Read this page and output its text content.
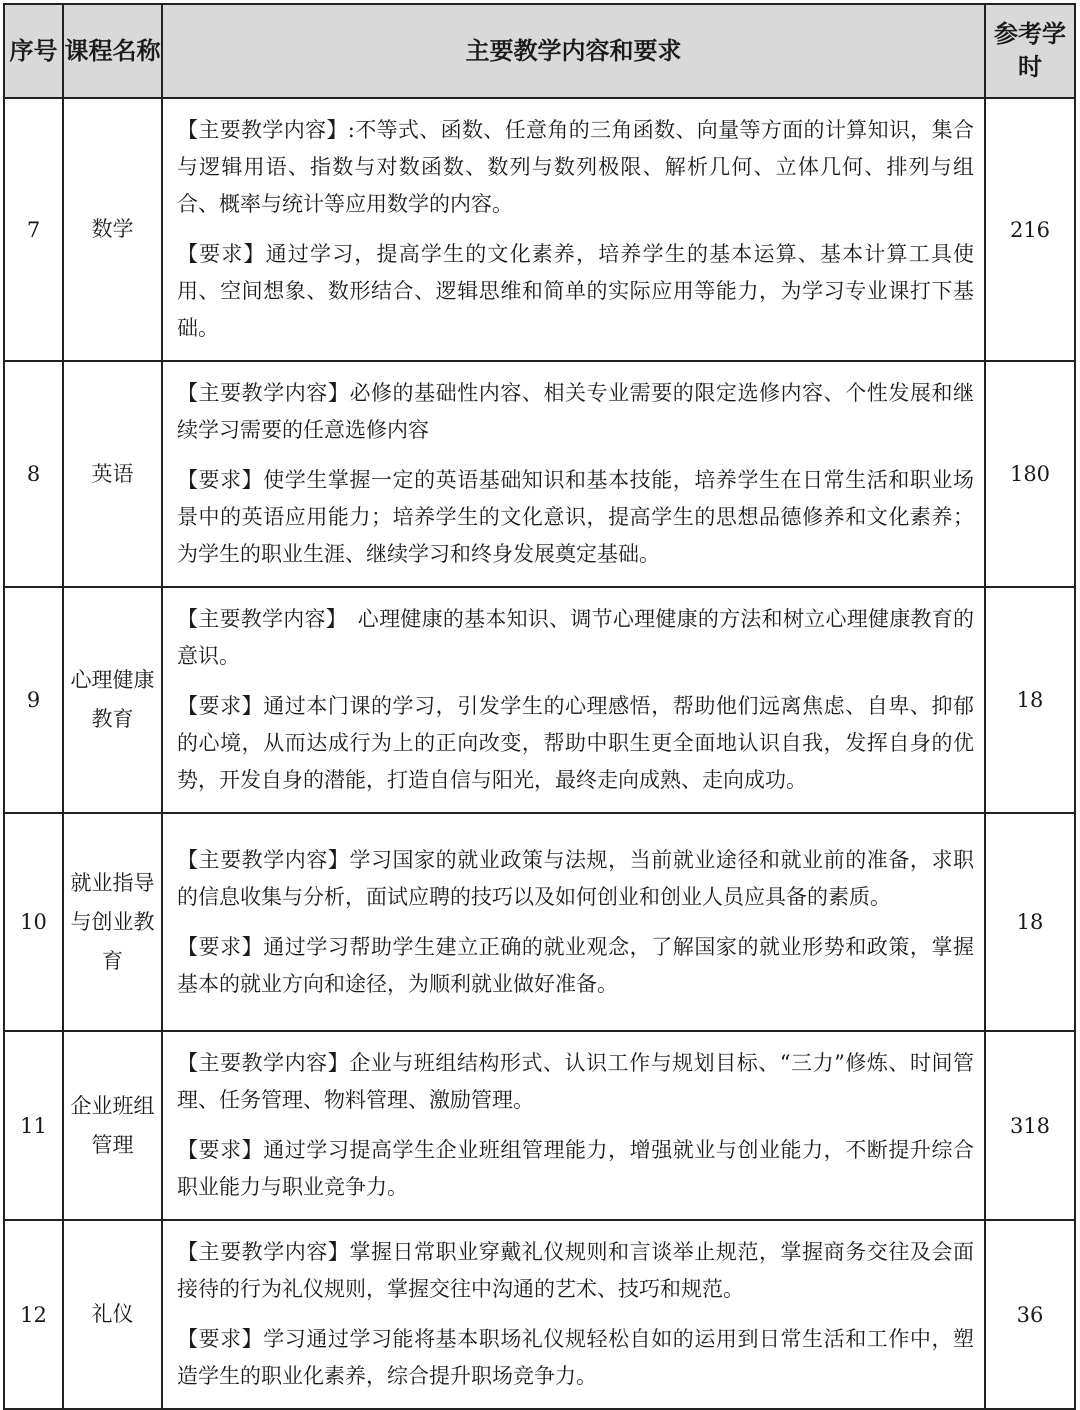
序号	课程名称	主要教学内容和要求	参考学时
7	数学	【主要教学内容】:不等式、函数、任意角的三角函数、向量等方面的计算知识，集合与逻辑用语、指数与对数函数、数列与数列极限、解析几何、立体几何、排列与组合、概率与统计等应用数学的内容。

【要求】通过学习，提高学生的文化素养，培养学生的基本运算、基本计算工具使用、空间想象、数形结合、逻辑思维和简单的实际应用等能力，为学习专业课打下基础。	216
8	英语	【主要教学内容】必修的基础性内容、相关专业需要的限定选修内容、个性发展和继续学习需要的任意选修内容

【要求】使学生掌握一定的英语基础知识和基本技能，培养学生在日常生活和职业场景中的英语应用能力；培养学生的文化意识，提高学生的思想品德修养和文化素养；为学生的职业生涯、继续学习和终身发展奠定基础。	180
9	心理健康教育	【主要教学内容】　心理健康的基本知识、调节心理健康的方法和树立心理健康教育的意识。

【要求】通过本门课的学习，引发学生的心理感悟，帮助他们远离焦虑、自卑、抑郁的心境，从而达成行为上的正向改变，帮助中职生更全面地认识自我，发挥自身的优势，开发自身的潜能，打造自信与阳光，最终走向成熟、走向成功。	18
10	就业指导与创业教育	【主要教学内容】学习国家的就业政策与法规，当前就业途径和就业前的准备，求职的信息收集与分析，面试应聘的技巧以及如何创业和创业人员应具备的素质。

【要求】通过学习帮助学生建立正确的就业观念，了解国家的就业形势和政策，掌握基本的就业方向和途径，为顺利就业做好准备。	18
11	企业班组管理	【主要教学内容】企业与班组结构形式、认识工作与规划目标、“三力”修炼、时间管理、任务管理、物料管理、激励管理。

【要求】通过学习提高学生企业班组管理能力，增强就业与创业能力，不断提升综合职业能力与职业竞争力。	318
12	礼仪	【主要教学内容】掌握日常职业穿戴礼仪规则和言谈举止规范，掌握商务交往及会面接待的行为礼仪规则，掌握交往中沟通的艺术、技巧和规范。

【要求】学习通过学习能将基本职场礼仪规轻松自如的运用到日常生活和工作中，塑造学生的职业化素养，综合提升职场竞争力。	36
